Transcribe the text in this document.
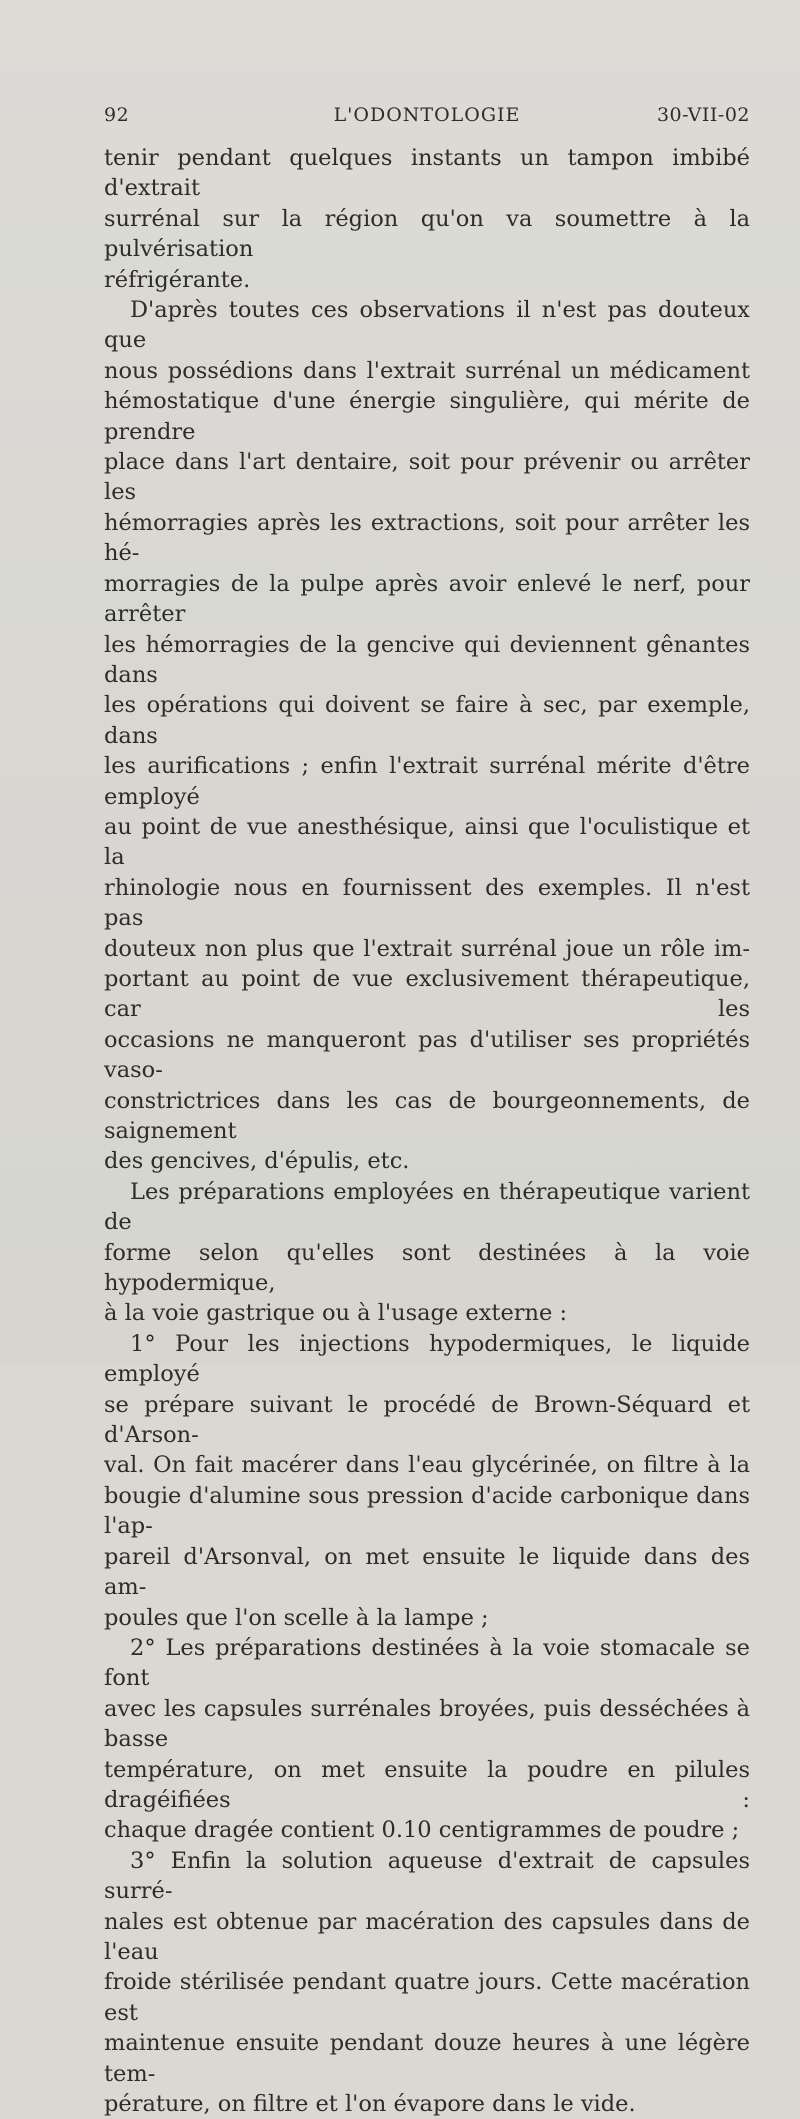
92	L'ODONTOLOGIE	30-VII-02

tenir pendant quelques instants un tampon imbibé d'extrait

surrénal sur la région qu'on va soumettre à la pulvérisation

réfrigérante.

D'après toutes ces observations il n'est pas douteux que

nous possédions dans l'extrait surrénal un médicament

hémostatique d'une énergie singulière, qui mérite de prendre

place dans l'art dentaire, soit pour prévenir ou arrêter les

hémorragies après les extractions, soit pour arrêter les hé-

morragies de la pulpe après avoir enlevé le nerf, pour arrêter

les hémorragies de la gencive qui deviennent gênantes dans

les opérations qui doivent se faire à sec, par exemple, dans

les aurifications ; enfin l'extrait surrénal mérite d'être employé

au point de vue anesthésique, ainsi que l'oculistique et la

rhinologie nous en fournissent des exemples. Il n'est pas

douteux non plus que l'extrait surrénal joue un rôle im-

portant au point de vue exclusivement thérapeutique, car les

occasions ne manqueront pas d'utiliser ses propriétés vaso-

constrictrices dans les cas de bourgeonnements, de saignement

des gencives, d'épulis, etc.

Les préparations employées en thérapeutique varient de

forme selon qu'elles sont destinées à la voie hypodermique,

à la voie gastrique ou à l'usage externe :

1° Pour les injections hypodermiques, le liquide employé

se prépare suivant le procédé de Brown-Séquard et d'Arson-

val. On fait macérer dans l'eau glycérinée, on filtre à la

bougie d'alumine sous pression d'acide carbonique dans l'ap-

pareil d'Arsonval, on met ensuite le liquide dans des am-

poules que l'on scelle à la lampe ;

2° Les préparations destinées à la voie stomacale se font

avec les capsules surrénales broyées, puis desséchées à basse

température, on met ensuite la poudre en pilules dragéifiées :

chaque dragée contient 0.10 centigrammes de poudre ;

3° Enfin la solution aqueuse d'extrait de capsules surré-

nales est obtenue par macération des capsules dans de l'eau

froide stérilisée pendant quatre jours. Cette macération est

maintenue ensuite pendant douze heures à une légère tem-

pérature, on filtre et l'on évapore dans le vide.
